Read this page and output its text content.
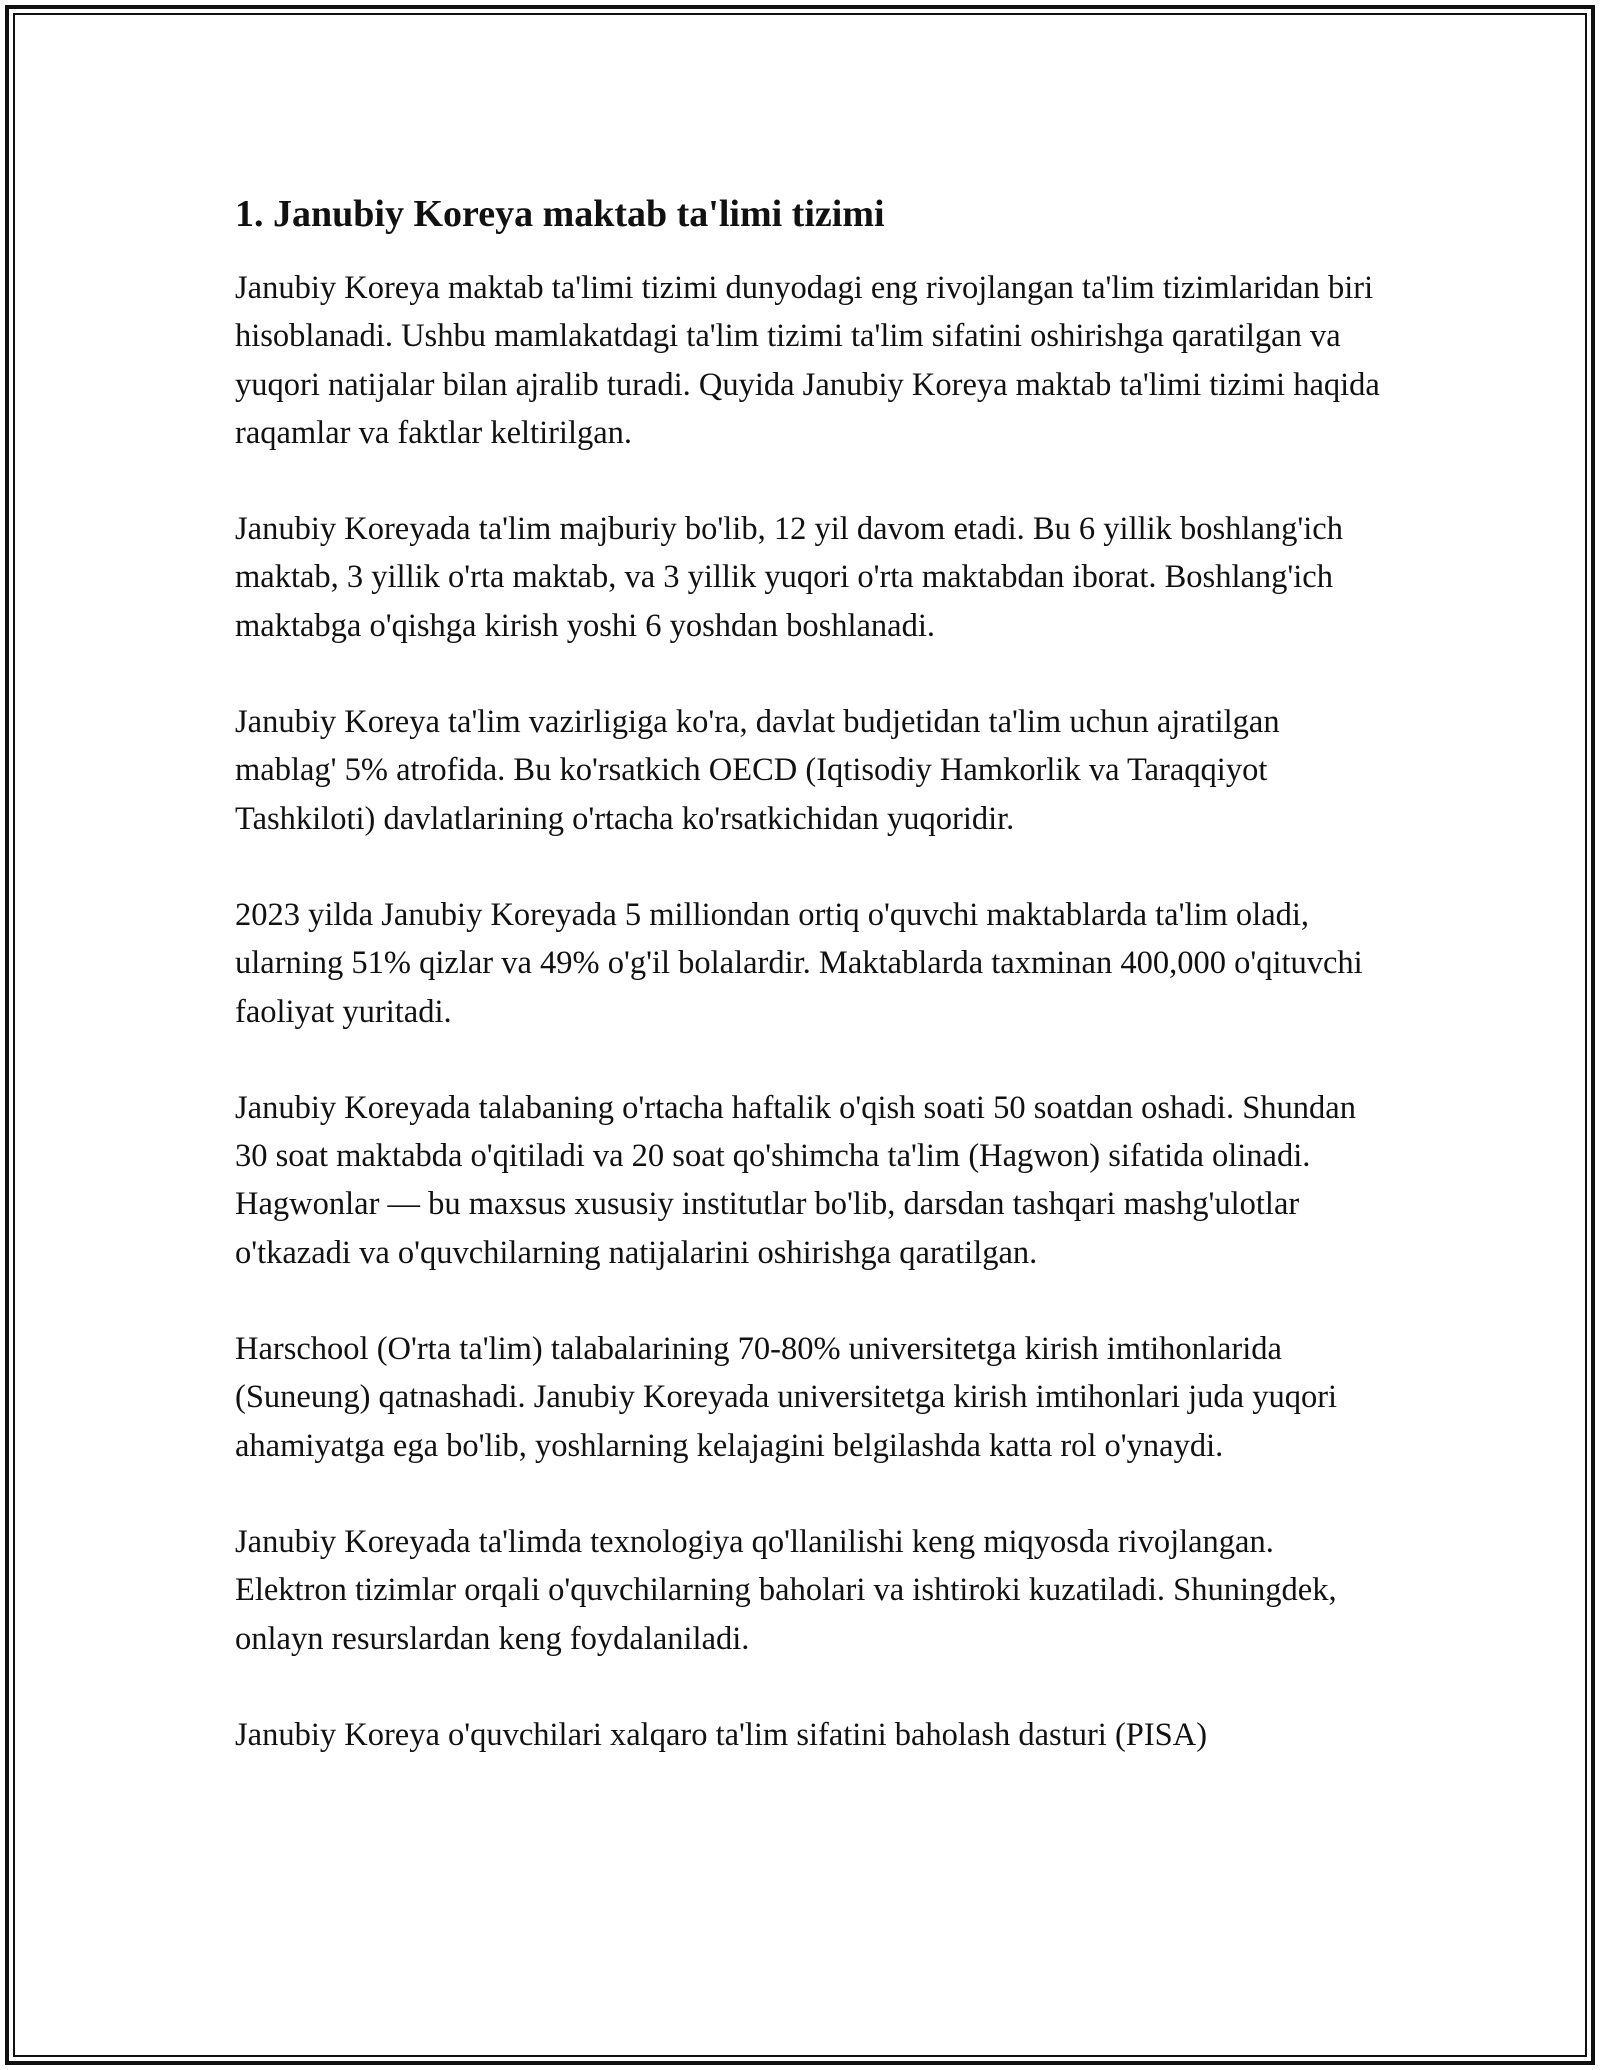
1. Janubiy Koreya maktab ta'limi tizimi

Janubiy Koreya maktab ta'limi tizimi dunyodagi eng rivojlangan ta'lim tizimlaridan biri hisoblanadi. Ushbu mamlakatdagi ta'lim tizimi ta'lim sifatini oshirishga qaratilgan va yuqori natijalar bilan ajralib turadi. Quyida Janubiy Koreya maktab ta'limi tizimi haqida raqamlar va faktlar keltirilgan.

Janubiy Koreyada ta'lim majburiy bo'lib, 12 yil davom etadi. Bu 6 yillik boshlang'ich maktab, 3 yillik o'rta maktab, va 3 yillik yuqori o'rta maktabdan iborat. Boshlang'ich maktabga o'qishga kirish yoshi 6 yoshdan boshlanadi.

Janubiy Koreya ta'lim vazirligiga ko'ra, davlat budjetidan ta'lim uchun ajratilgan mablag' 5% atrofida. Bu ko'rsatkich OECD (Iqtisodiy Hamkorlik va Taraqqiyot Tashkiloti) davlatlarining o'rtacha ko'rsatkichidan yuqoridir.

2023 yilda Janubiy Koreyada 5 milliondan ortiq o'quvchi maktablarda ta'lim oladi, ularning 51% qizlar va 49% o'g'il bolalardir. Maktablarda taxminan 400,000 o'qituvchi faoliyat yuritadi.

Janubiy Koreyada talabaning o'rtacha haftalik o'qish soati 50 soatdan oshadi. Shundan 30 soat maktabda o'qitiladi va 20 soat qo'shimcha ta'lim (Hagwon) sifatida olinadi. Hagwonlar — bu maxsus xususiy institutlar bo'lib, darsdan tashqari mashg'ulotlar o'tkazadi va o'quvchilarning natijalarini oshirishga qaratilgan.

Harschool (O'rta ta'lim) talabalarining 70-80% universitetga kirish imtihonlarida (Suneung) qatnashadi. Janubiy Koreyada universitetga kirish imtihonlari juda yuqori ahamiyatga ega bo'lib, yoshlarning kelajagini belgilashda katta rol o'ynaydi.

Janubiy Koreyada ta'limda texnologiya qo'llanilishi keng miqyosda rivojlangan. Elektron tizimlar orqali o'quvchilarning baholari va ishtiroki kuzatiladi. Shuningdek, onlayn resurslardan keng foydalaniladi.

Janubiy Koreya o'quvchilari xalqaro ta'lim sifatini baholash dasturi (PISA)
